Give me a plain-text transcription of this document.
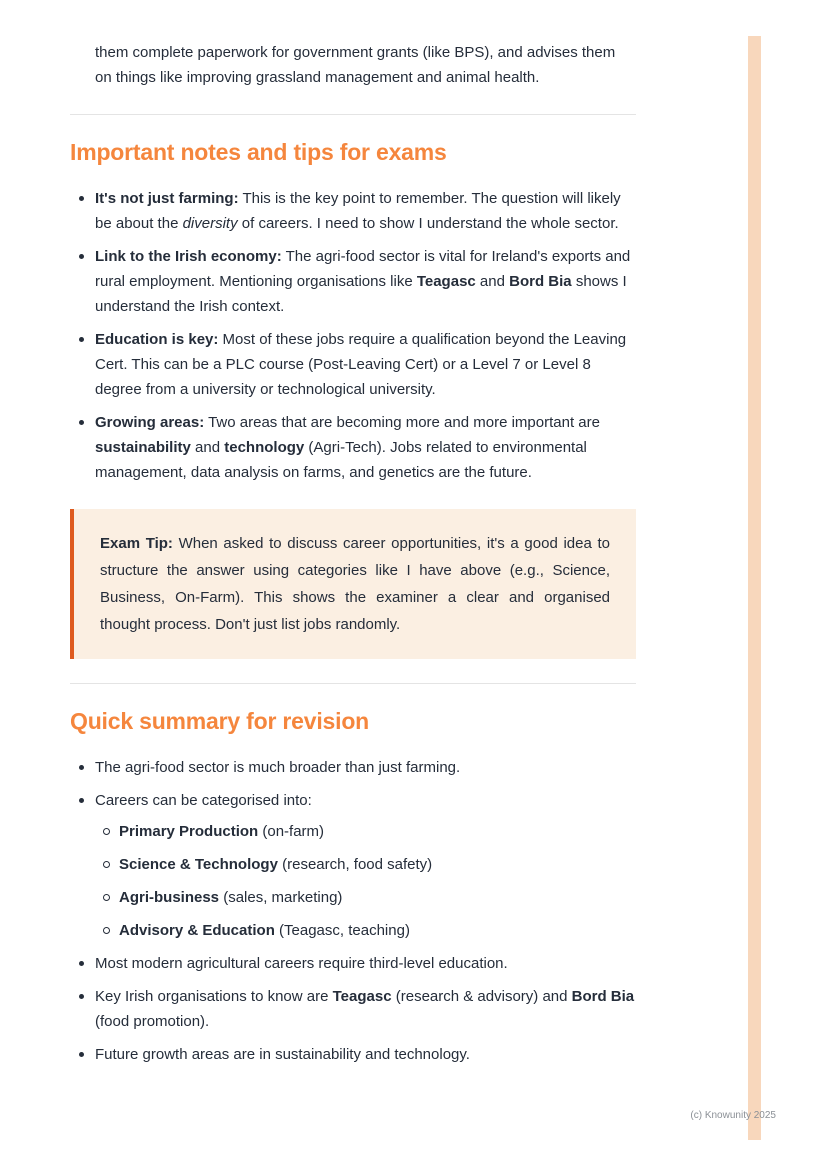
them complete paperwork for government grants (like BPS), and advises them on things like improving grassland management and animal health.

Important notes and tips for exams
It's not just farming: This is the key point to remember. The question will likely be about the diversity of careers. I need to show I understand the whole sector.
Link to the Irish economy: The agri-food sector is vital for Ireland's exports and rural employment. Mentioning organisations like Teagasc and Bord Bia shows I understand the Irish context.
Education is key: Most of these jobs require a qualification beyond the Leaving Cert. This can be a PLC course (Post-Leaving Cert) or a Level 7 or Level 8 degree from a university or technological university.
Growing areas: Two areas that are becoming more and more important are sustainability and technology (Agri-Tech). Jobs related to environmental management, data analysis on farms, and genetics are the future.

Exam Tip: When asked to discuss career opportunities, it's a good idea to structure the answer using categories like I have above (e.g., Science, Business, On-Farm). This shows the examiner a clear and organised thought process. Don't just list jobs randomly.

Quick summary for revision
The agri-food sector is much broader than just farming.
Careers can be categorised into:
Primary Production (on-farm)
Science & Technology (research, food safety)
Agri-business (sales, marketing)
Advisory & Education (Teagasc, teaching)
Most modern agricultural careers require third-level education.
Key Irish organisations to know are Teagasc (research & advisory) and Bord Bia (food promotion).
Future growth areas are in sustainability and technology.
(c) Knowunity 2025
